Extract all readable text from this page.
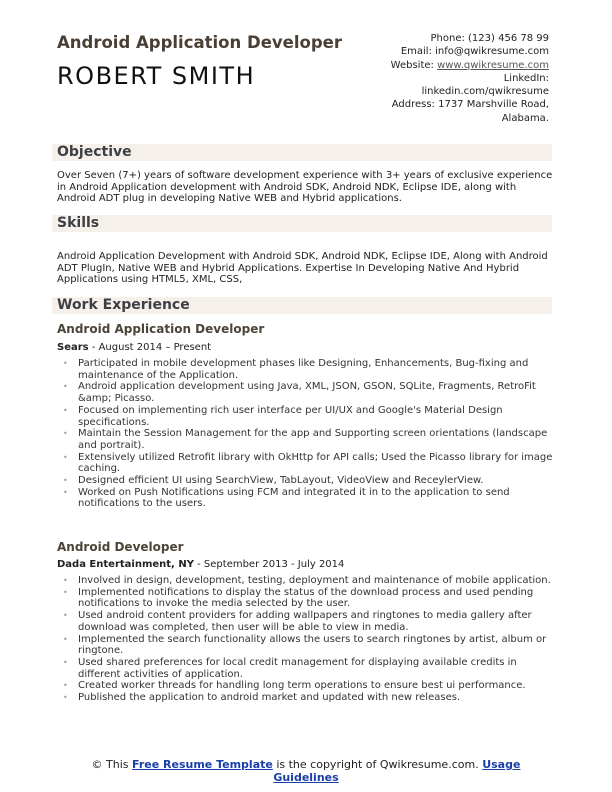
Android Application Developer
ROBERT SMITH
Phone: (123) 456 78 99
Email: info@qwikresume.com
Website: www.qwikresume.com
LinkedIn:
linkedin.com/qwikresume
Address: 1737 Marshville Road,
Alabama.
Objective
Over Seven (7+) years of software development experience with 3+ years of exclusive experience in Android Application development with Android SDK, Android NDK, Eclipse IDE, along with Android ADT plug in developing Native WEB and Hybrid applications.
Skills
Android Application Development with Android SDK, Android NDK, Eclipse IDE, Along with Android ADT PlugIn, Native WEB and Hybrid Applications. Expertise In Developing Native And Hybrid Applications using HTML5, XML, CSS,
Work Experience
Android Application Developer
Sears - August 2014 – Present
• Participated in mobile development phases like Designing, Enhancements, Bug-fixing and maintenance of the Application.
• Android application development using Java, XML, JSON, GSON, SQLite, Fragments, RetroFit &amp; Picasso.
• Focused on implementing rich user interface per UI/UX and Google's Material Design specifications.
• Maintain the Session Management for the app and Supporting screen orientations (landscape and portrait).
• Extensively utilized Retrofit library with OkHttp for API calls; Used the Picasso library for image caching.
• Designed efficient UI using SearchView, TabLayout, VideoView and ReceylerView.
• Worked on Push Notifications using FCM and integrated it in to the application to send notifications to the users.
Android Developer
Dada Entertainment, NY - September 2013 - July 2014
• Involved in design, development, testing, deployment and maintenance of mobile application.
• Implemented notifications to display the status of the download process and used pending notifications to invoke the media selected by the user.
• Used android content providers for adding wallpapers and ringtones to media gallery after download was completed, then user will be able to view in media.
• Implemented the search functionality allows the users to search ringtones by artist, album or ringtone.
• Used shared preferences for local credit management for displaying available credits in different activities of application.
• Created worker threads for handling long term operations to ensure best ui performance.
• Published the application to android market and updated with new releases.
© This Free Resume Template is the copyright of Qwikresume.com. Usage Guidelines
